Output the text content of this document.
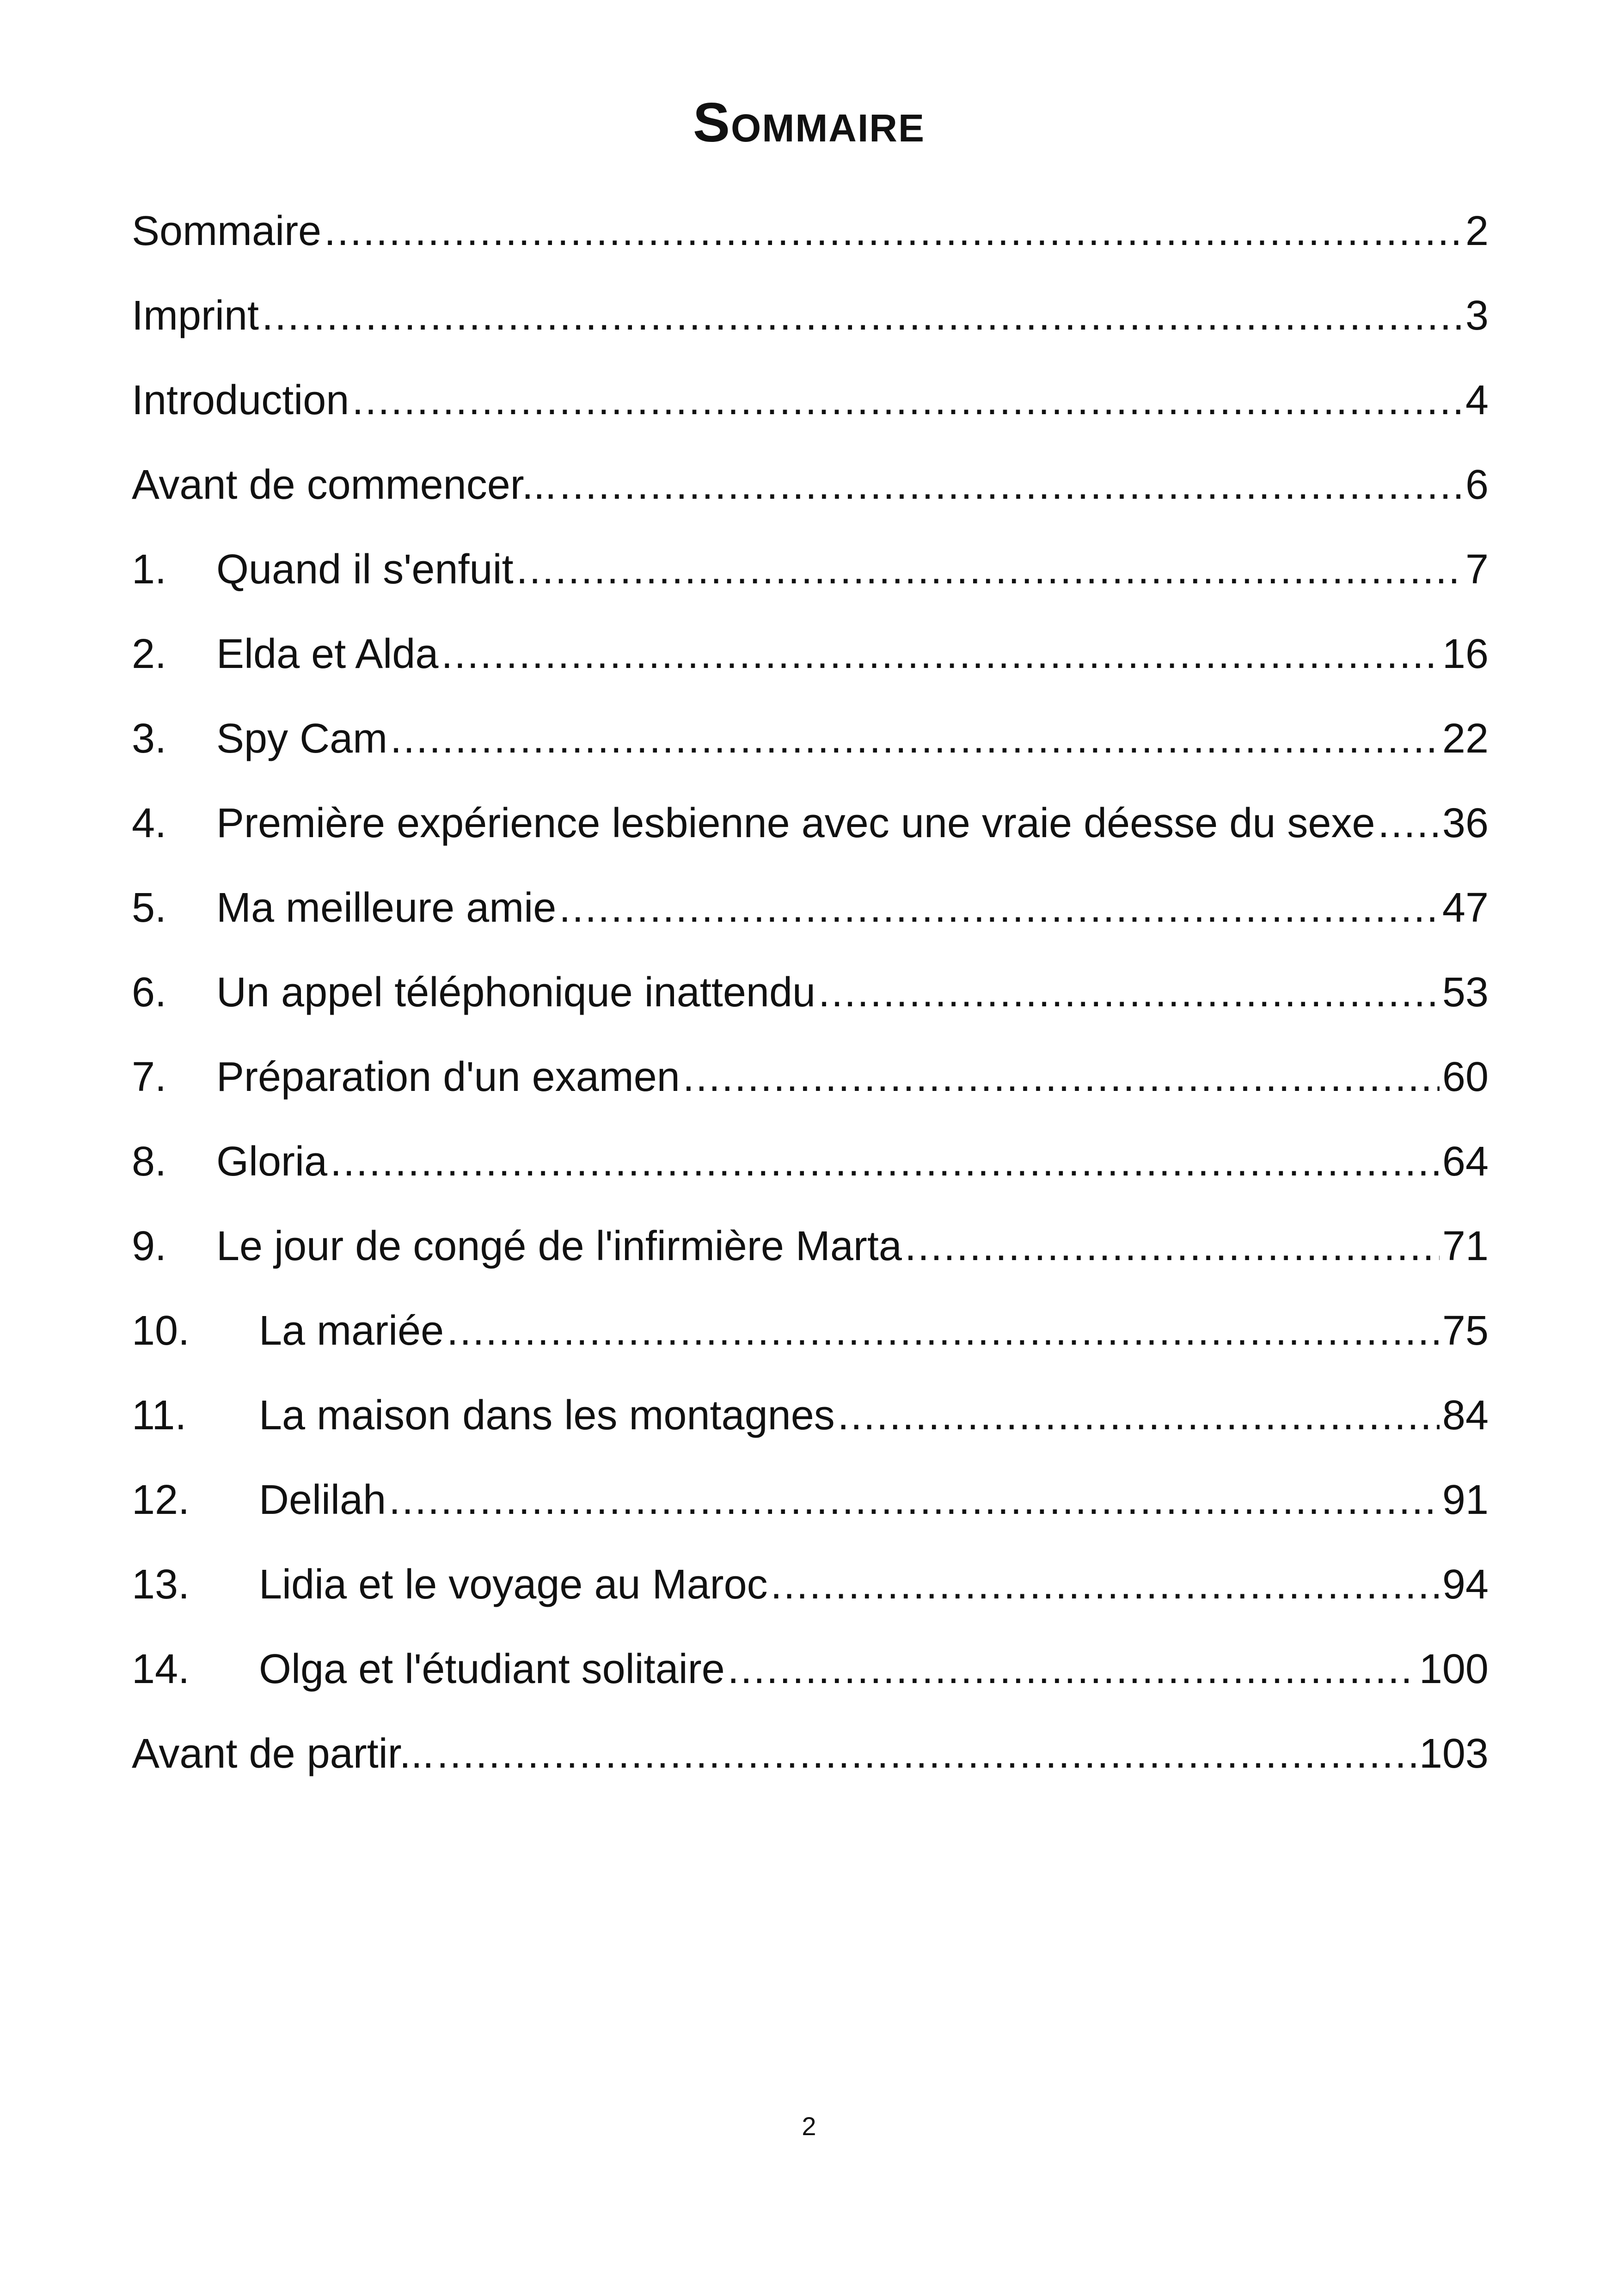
Sommaire
Sommaire .....	2
Imprint .....	3
Introduction .....	4
Avant de commencer... .....	6
1.	Quand il s'enfuit .....	7
2.	Elda et Alda .....	16
3.	Spy Cam .....	22
4.	Première expérience lesbienne avec une vraie déesse du sexe ..... 36
5.	Ma meilleure amie .....	47
6.	Un appel téléphonique inattendu .....	53
7.	Préparation d'un examen .....	60
8.	Gloria .....	64
9.	Le jour de congé de l'infirmière Marta .....	71
10.	La mariée .....	75
11.	La maison dans les montagnes .....	84
12.	Delilah .....	91
13.	Lidia et le voyage au Maroc .....	94
14.	Olga et l'étudiant solitaire .....	100
Avant de partir... .....	103
2
